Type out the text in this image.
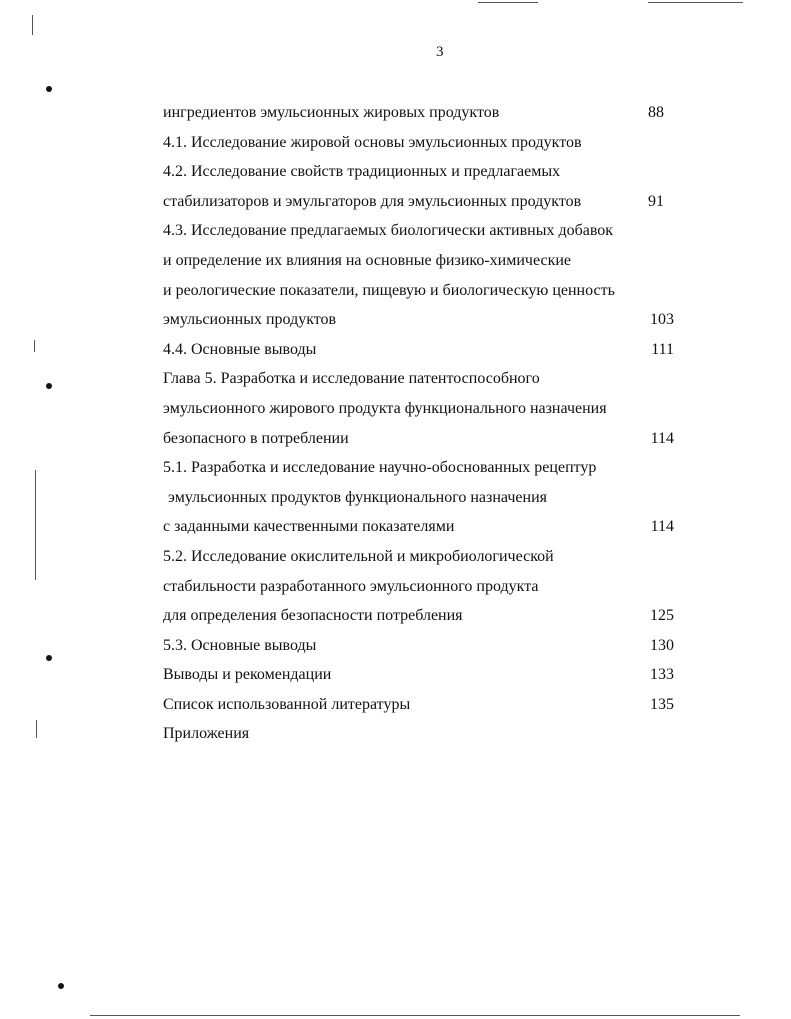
3
ингредиентов эмульсионных жировых продуктов	88
4.1. Исследование жировой основы эмульсионных продуктов
4.2. Исследование свойств традиционных и предлагаемых
стабилизаторов и эмульгаторов для эмульсионных продуктов	91
4.3. Исследование предлагаемых биологически активных добавок
и определение их влияния на основные физико-химические
и реологические показатели, пищевую и биологическую ценность
эмульсионных продуктов	103
4.4. Основные выводы	111
Глава 5. Разработка и исследование патентоспособного
эмульсионного жирового продукта функционального назначения
безопасного в потреблении	114
5.1. Разработка и исследование научно-обоснованных рецептур
эмульсионных продуктов функционального назначения
с заданными качественными показателями	114
5.2. Исследование окислительной и микробиологической
стабильности разработанного эмульсионного продукта
для определения безопасности потребления	125
5.3. Основные выводы	130
Выводы и рекомендации	133
Список использованной литературы	135
Приложения
